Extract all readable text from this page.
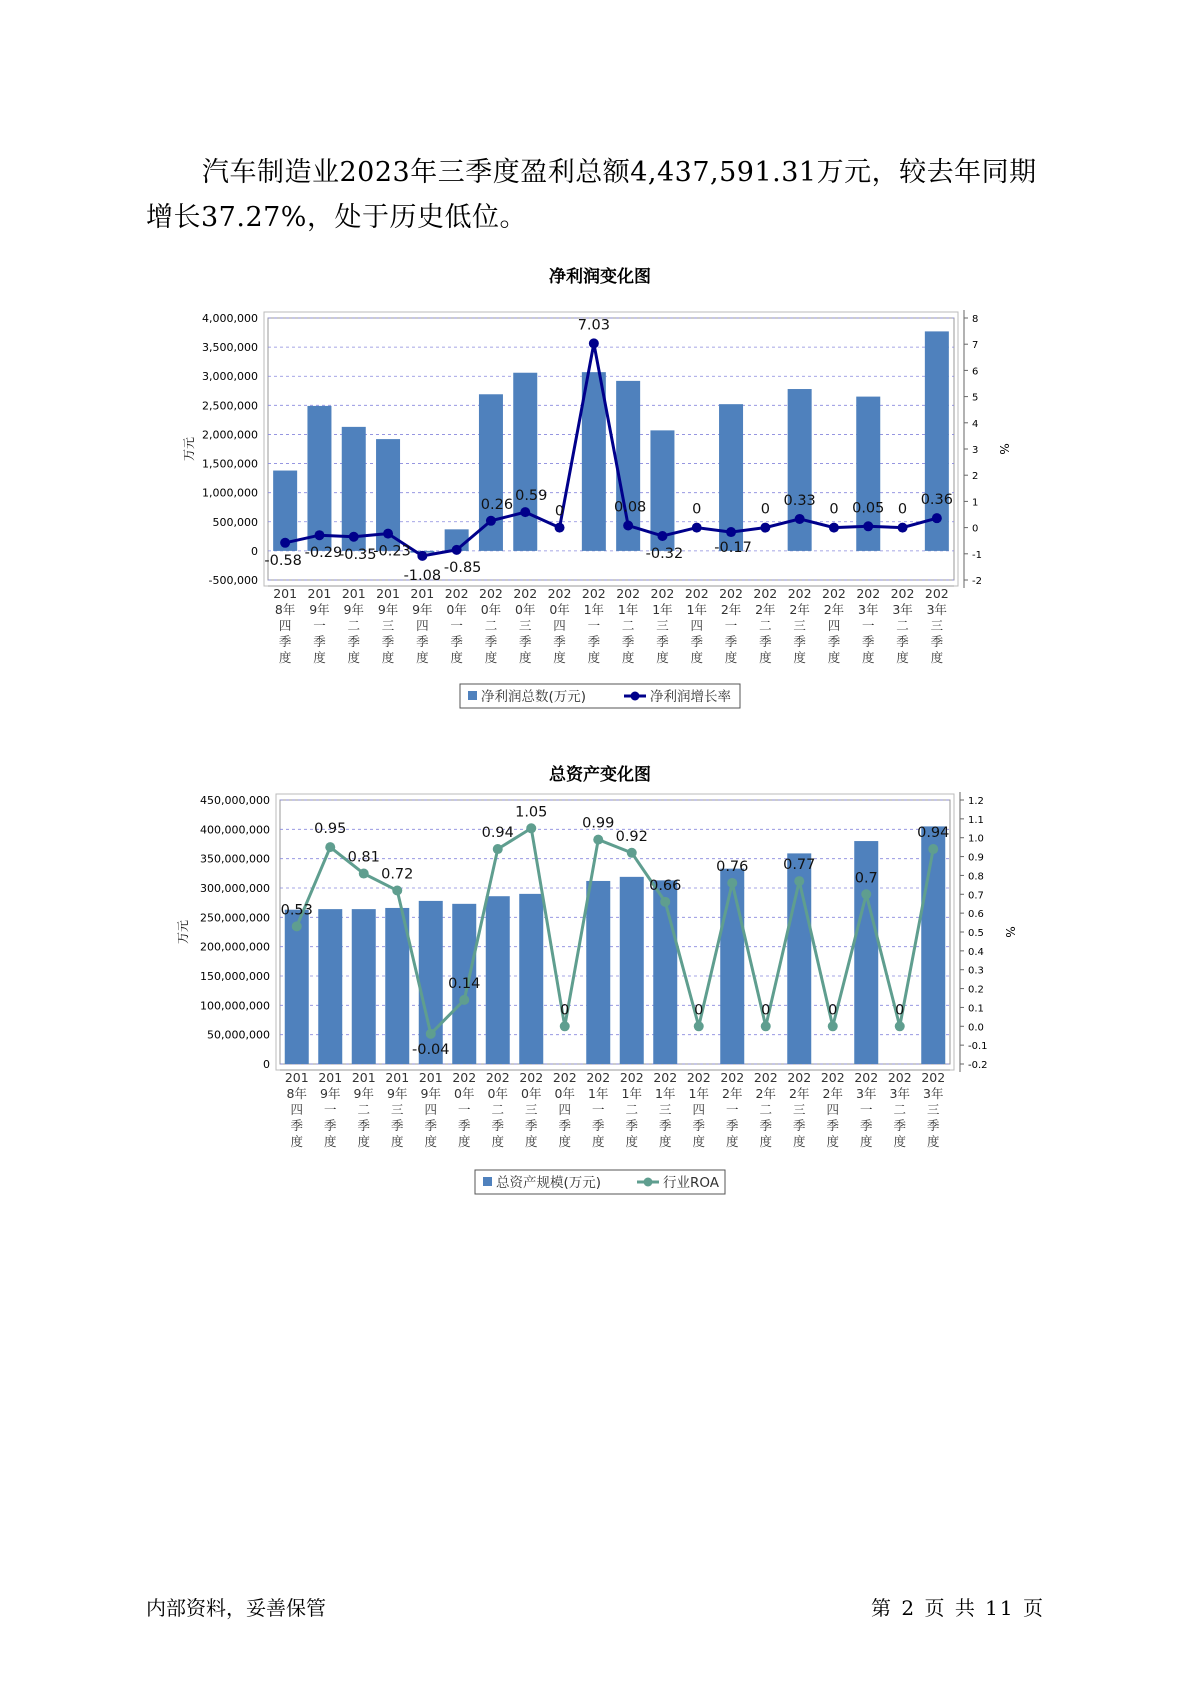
汽车制造业2023年三季度盈利总额4,437,591.31万元，较去年同期增长37.27%，处于历史低位。

净利润变化图
-500,000
0
500,000
1,000,000
1,500,000
2,000,000
2,500,000
3,000,000
3,500,000
4,000,000
-2
-1
0
1
2
3
4
5
6
7
8
万元	%
201 8年四季度
201 9年一季度
201 9年二季度
201 9年三季度
201 9年四季度
202 0年一季度
202 0年二季度
202 0年三季度
202 0年四季度
202 1年一季度
202 1年二季度
202 1年三季度
202 1年四季度
202 2年一季度
202 2年二季度
202 2年三季度
202 2年四季度
202 3年一季度
202 3年二季度
202 3年三季度
-0.58 -0.29
-0.35
-0.23
-1.08
-0.85
0.26
0.59
0
7.03
0.08
-0.32
0
-0.17
0
0.33
0 0.05 0
0.36
净利润总数(万元)	净利润增长率
总资产变化图
0
50,000,000
100,000,000
150,000,000
200,000,000
250,000,000
300,000,000
350,000,000
400,000,000
450,000,000
-0.2
-0.1
0.0
0.1
0.2
0.3
0.4
0.5
0.6
0.7
0.8
0.9
1.0
1.1
1.2
万元	%
201 8年四季度
201 9年一季度
201 9年二季度
201 9年三季度
201 9年四季度
202 0年一季度
202 0年二季度
202 0年三季度
202 0年四季度
202 1年一季度
202 1年二季度
202 1年三季度
202 1年四季度
202 2年一季度
202 2年二季度
202 2年三季度
202 2年四季度
202 3年一季度
202 3年二季度
202 3年三季度
0.53
0.95
0.81
0.72
-0.04
0.14
0.94
1.05
0
0.99
0.92
0.66
0
0.76
0
0.77
0
0.7
0
0.94
总资产规模(万元)	行业ROA
内部资料，妥善保管	第 2 页 共 11 页
